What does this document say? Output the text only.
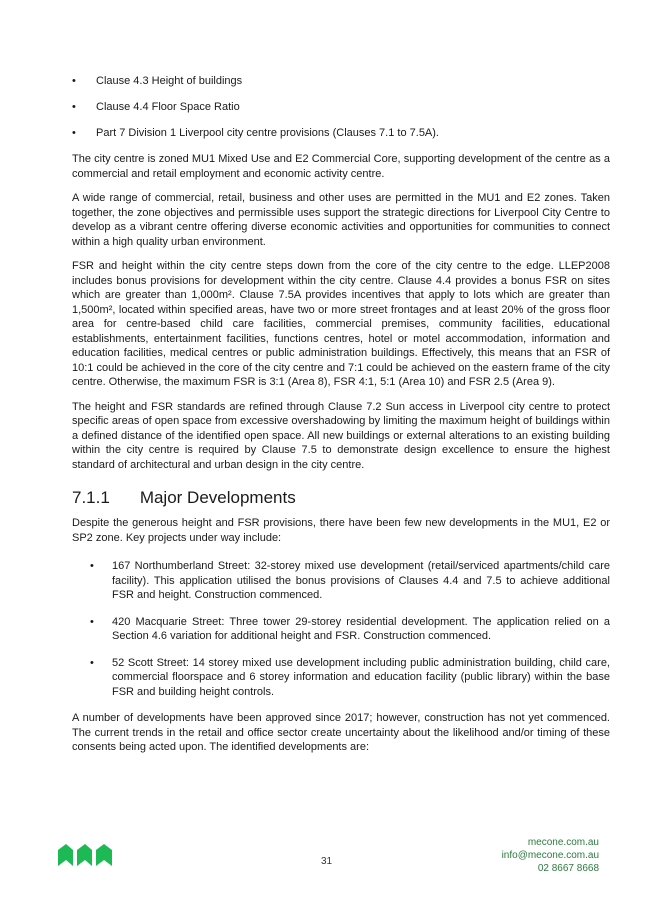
• Clause 4.3 Height of buildings
• Clause 4.4 Floor Space Ratio
• Part 7 Division 1 Liverpool city centre provisions (Clauses 7.1 to 7.5A).

The city centre is zoned MU1 Mixed Use and E2 Commercial Core, supporting development of the centre as a commercial and retail employment and economic activity centre.

A wide range of commercial, retail, business and other uses are permitted in the MU1 and E2 zones. Taken together, the zone objectives and permissible uses support the strategic directions for Liverpool City Centre to develop as a vibrant centre offering diverse economic activities and opportunities for communities to connect within a high quality urban environment.

FSR and height within the city centre steps down from the core of the city centre to the edge. LLEP2008 includes bonus provisions for development within the city centre. Clause 4.4 provides a bonus FSR on sites which are greater than 1,000m². Clause 7.5A provides incentives that apply to lots which are greater than 1,500m², located within specified areas, have two or more street frontages and at least 20% of the gross floor area for centre-based child care facilities, commercial premises, community facilities, educational establishments, entertainment facilities, functions centres, hotel or motel accommodation, information and education facilities, medical centres or public administration buildings. Effectively, this means that an FSR of 10:1 could be achieved in the core of the city centre and 7:1 could be achieved on the eastern frame of the city centre. Otherwise, the maximum FSR is 3:1 (Area 8), FSR 4:1, 5:1 (Area 10) and FSR 2.5 (Area 9).

The height and FSR standards are refined through Clause 7.2 Sun access in Liverpool city centre to protect specific areas of open space from excessive overshadowing by limiting the maximum height of buildings within a defined distance of the identified open space. All new buildings or external alterations to an existing building within the city centre is required by Clause 7.5 to demonstrate design excellence to ensure the highest standard of architectural and urban design in the city centre.

7.1.1 Major Developments

Despite the generous height and FSR provisions, there have been few new developments in the MU1, E2 or SP2 zone. Key projects under way include:

• 167 Northumberland Street: 32-storey mixed use development (retail/serviced apartments/child care facility). This application utilised the bonus provisions of Clauses 4.4 and 7.5 to achieve additional FSR and height. Construction commenced.
• 420 Macquarie Street: Three tower 29-storey residential development. The application relied on a Section 4.6 variation for additional height and FSR. Construction commenced.
• 52 Scott Street: 14 storey mixed use development including public administration building, child care, commercial floorspace and 6 storey information and education facility (public library) within the base FSR and building height controls.

A number of developments have been approved since 2017; however, construction has not yet commenced. The current trends in the retail and office sector create uncertainty about the likelihood and/or timing of these consents being acted upon. The identified developments are:

31
mecone.com.au
info@mecone.com.au
02 8667 8668
